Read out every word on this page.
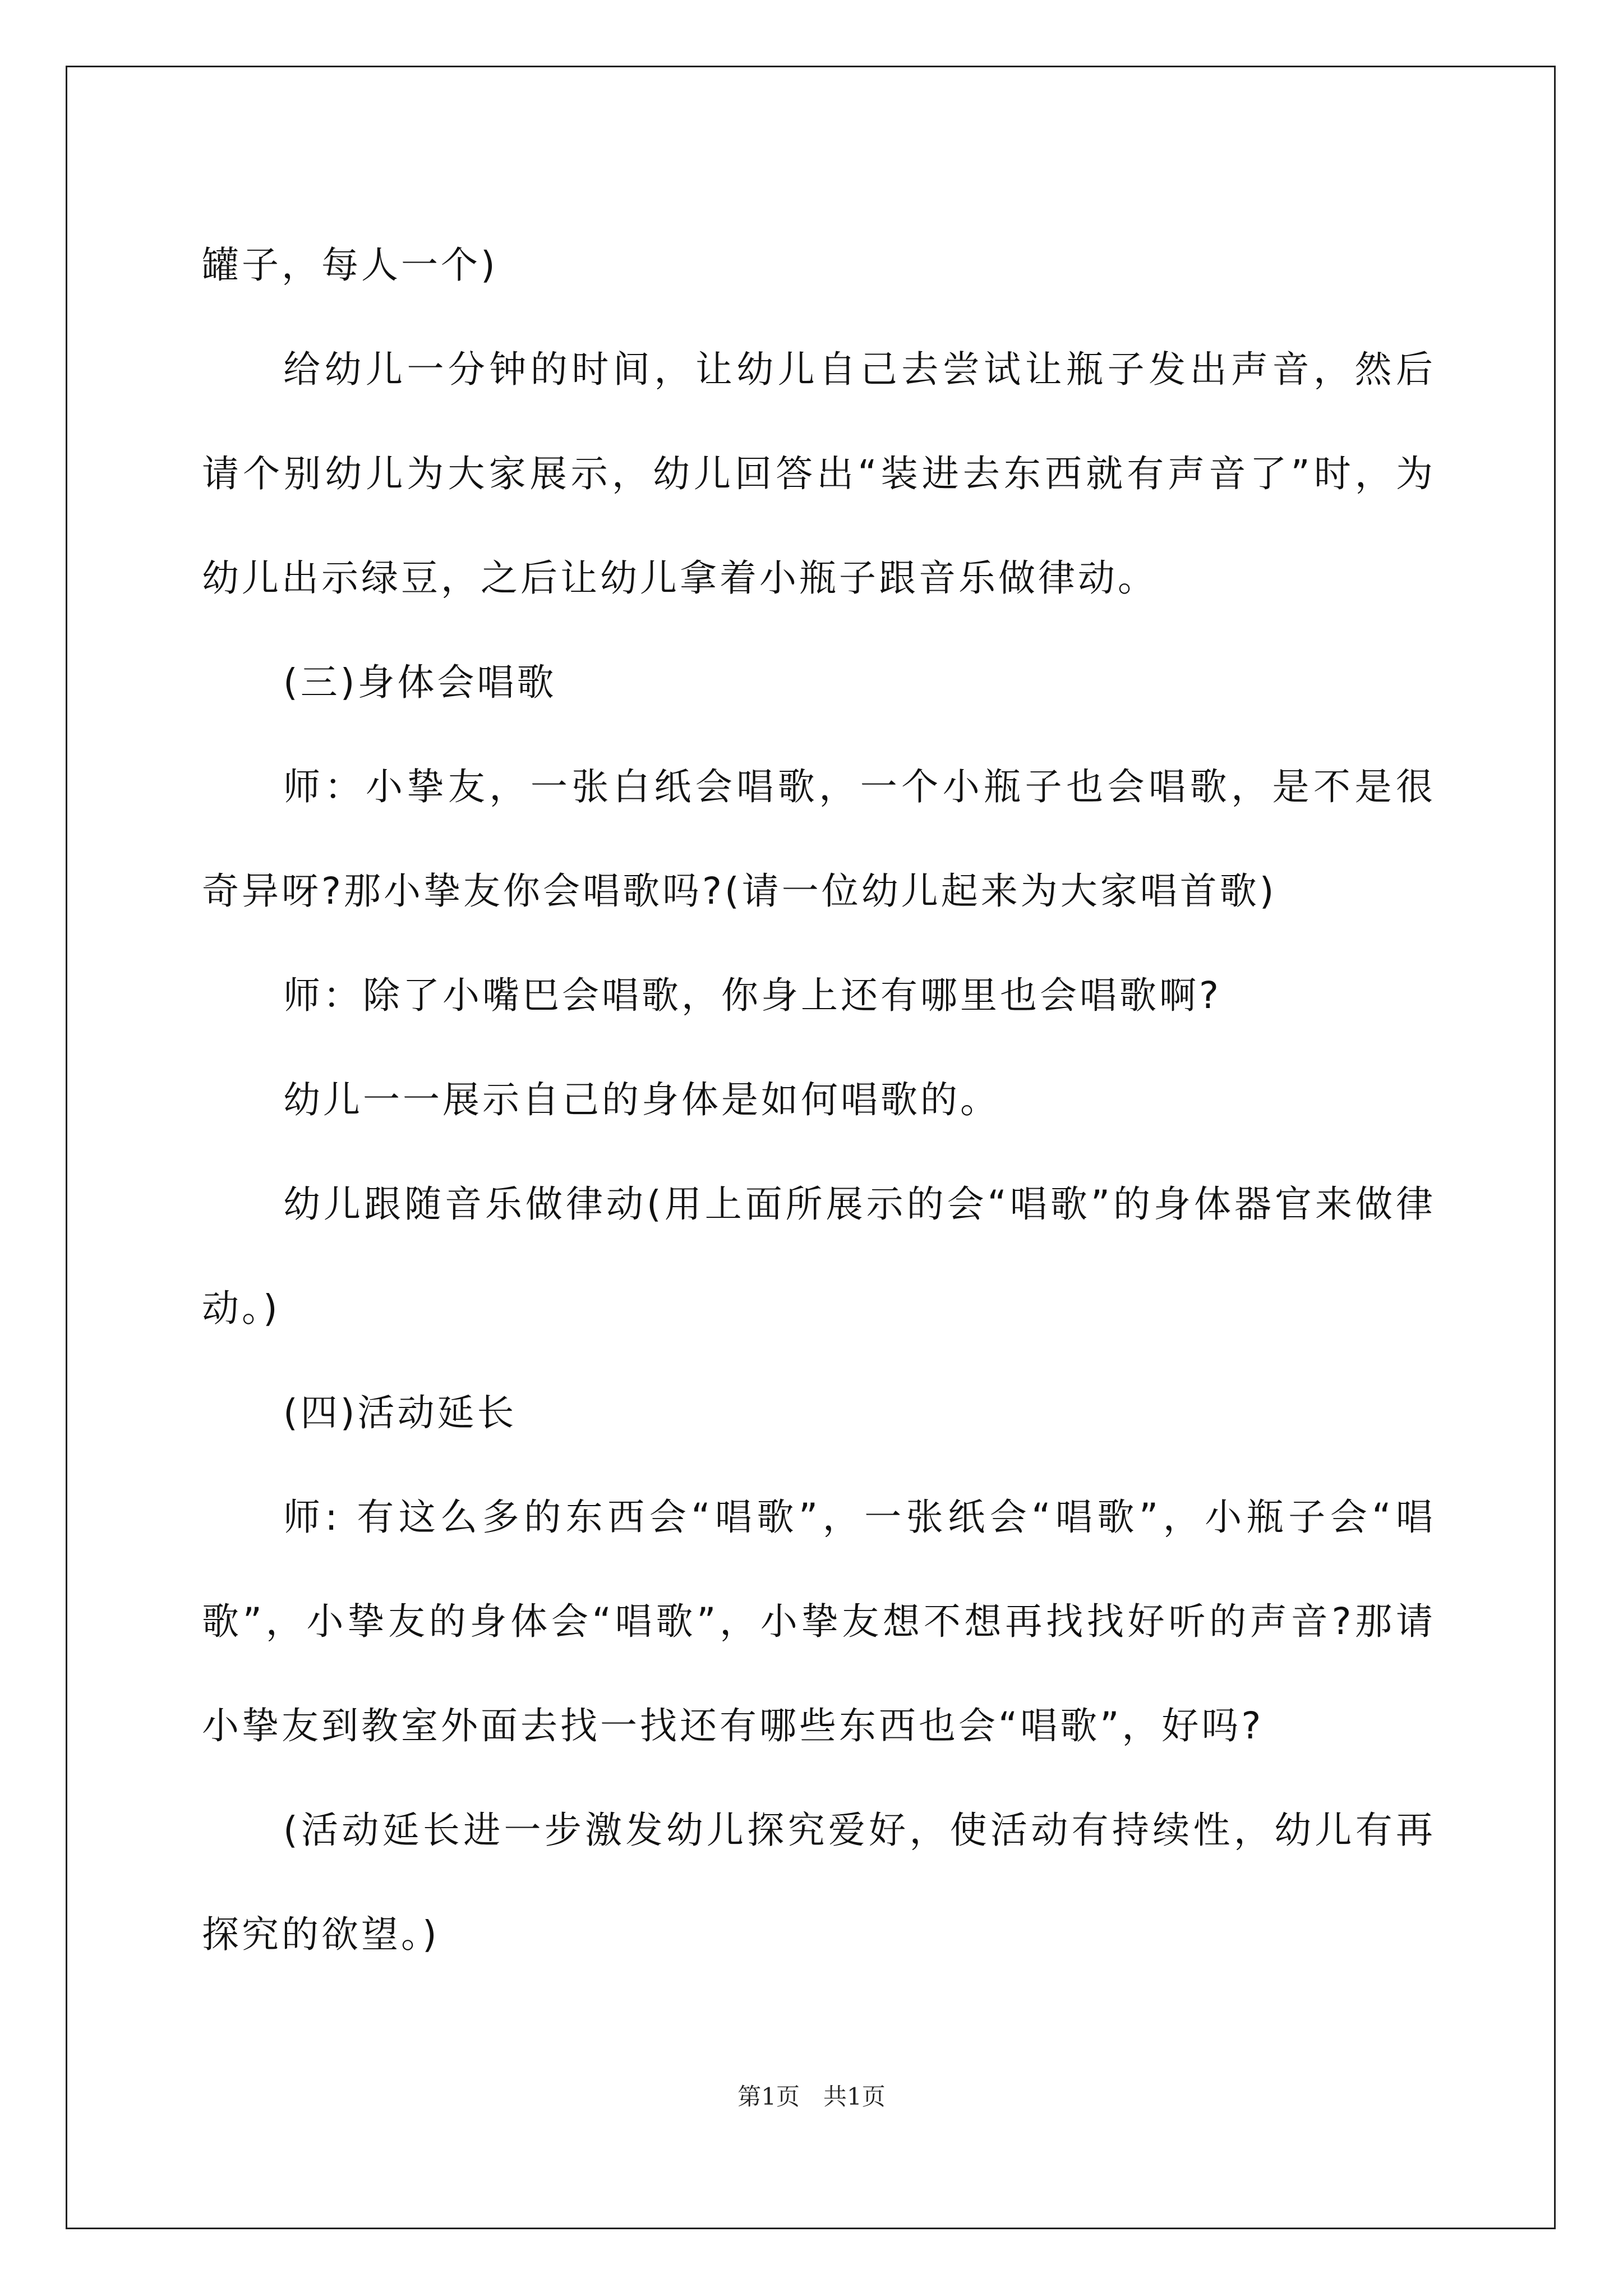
罐子，每人一个)

给幼儿一分钟的时间，让幼儿自己去尝试让瓶子发出声音，然后请个别幼儿为大家展示，幼儿回答出“装进去东西就有声音了”时，为幼儿出示绿豆，之后让幼儿拿着小瓶子跟音乐做律动。

(三)身体会唱歌

师：小挚友，一张白纸会唱歌，一个小瓶子也会唱歌，是不是很奇异呀?那小挚友你会唱歌吗?(请一位幼儿起来为大家唱首歌)

师：除了小嘴巴会唱歌，你身上还有哪里也会唱歌啊?

幼儿一一展示自己的身体是如何唱歌的。

幼儿跟随音乐做律动(用上面所展示的会“唱歌”的身体器官来做律动。)

(四)活动延长

师: 有这么多的东西会“唱歌”，一张纸会“唱歌”，小瓶子会“唱歌”，小挚友的身体会“唱歌”，小挚友想不想再找找好听的声音?那请小挚友到教室外面去找一找还有哪些东西也会“唱歌”，好吗?

(活动延长进一步激发幼儿探究爱好，使活动有持续性，幼儿有再探究的欲望。)

第1页　共1页
